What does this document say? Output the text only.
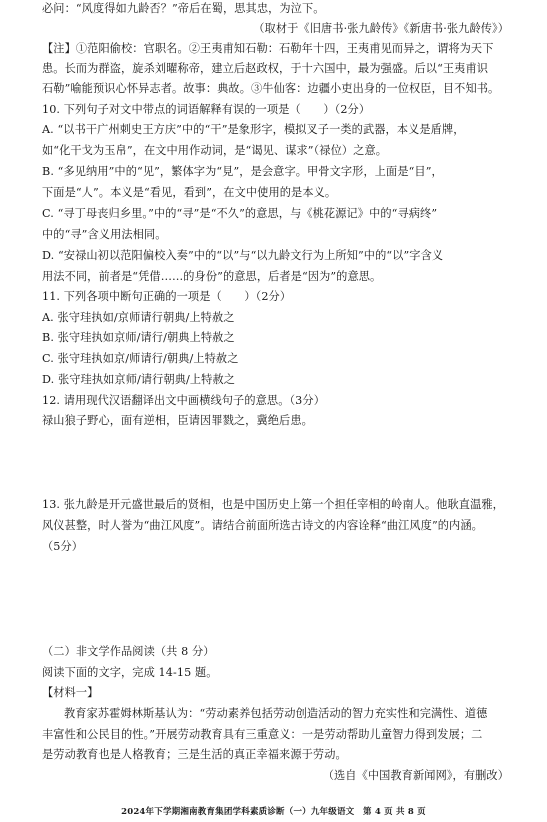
必问：“风度得如九龄否？”帝后在蜀，思其忠，为泣下。
（取材于《旧唐书·张九龄传》《新唐书·张九龄传》）
【注】①范阳偷校：官职名。②王夷甫知石勒：石勒年十四，王夷甫见而异之，谓将为天下
患。长而为群盗，旋杀刘曜称帝，建立后赵政权，于十六国中，最为强盛。后以“王夷甫识
石勒”喻能预识心怀异志者。故事：典故。③牛仙客：边疆小吏出身的一位权臣，目不知书。
10. 下列句子对文中带点的词语解释有误的一项是（　　）（2分）
A. “以书干广州刺史王方庆”中的“干”是象形字，模拟叉子一类的武器，本义是盾牌，
如“化干戈为玉帛”，在文中用作动词，是“谒见、谋求”（禄位）之意。
B. “多见纳用”中的“见”，繁体字为“見”，是会意字。甲骨文字形，上面是“目”，
下面是“人”。本义是“看见，看到”，在文中使用的是本义。
C. “寻丁母丧归乡里。”中的“寻”是“不久”的意思，与《桃花源记》中的“寻病终”
中的“寻”含义用法相同。
D. “安禄山初以范阳偏校入奏”中的“以”与“以九龄文行为上所知”中的“以”字含义
用法不同，前者是“凭借……的身份”的意思，后者是“因为”的意思。
11. 下列各项中断句正确的一项是（　　）（2分）
A. 张守珪执如/京师请行朝典/上特赦之
B. 张守珪执如京师/请行/朝典上特赦之
C. 张守珪执如京/师请行/朝典/上特赦之
D. 张守珪执如京师/请行朝典/上特赦之
12. 请用现代汉语翻译出文中画横线句子的意思。（3分）
禄山狼子野心，面有逆相，臣请因罪戮之，冀绝后患。
13. 张九龄是开元盛世最后的贤相，也是中国历史上第一个担任宰相的岭南人。他耿直温雅，
风仪甚整，时人誉为“曲江风度”。请结合前面所选古诗文的内容诠释“曲江风度”的内涵。
（5分）
（二）非文学作品阅读（共 8 分）
阅读下面的文字，完成 14-15 题。
【材料一】
教育家苏霍姆林斯基认为：“劳动素养包括劳动创造活动的智力充实性和完满性、道德
丰富性和公民目的性。”开展劳动教育具有三重意义：一是劳动帮助儿童智力得到发展；二
是劳动教育也是人格教育；三是生活的真正幸福来源于劳动。
（选自《中国教育新闻网》，有删改）
2024年下学期湘南教育集团学科素质诊断（一）九年级语文　第 4 页 共 8 页
